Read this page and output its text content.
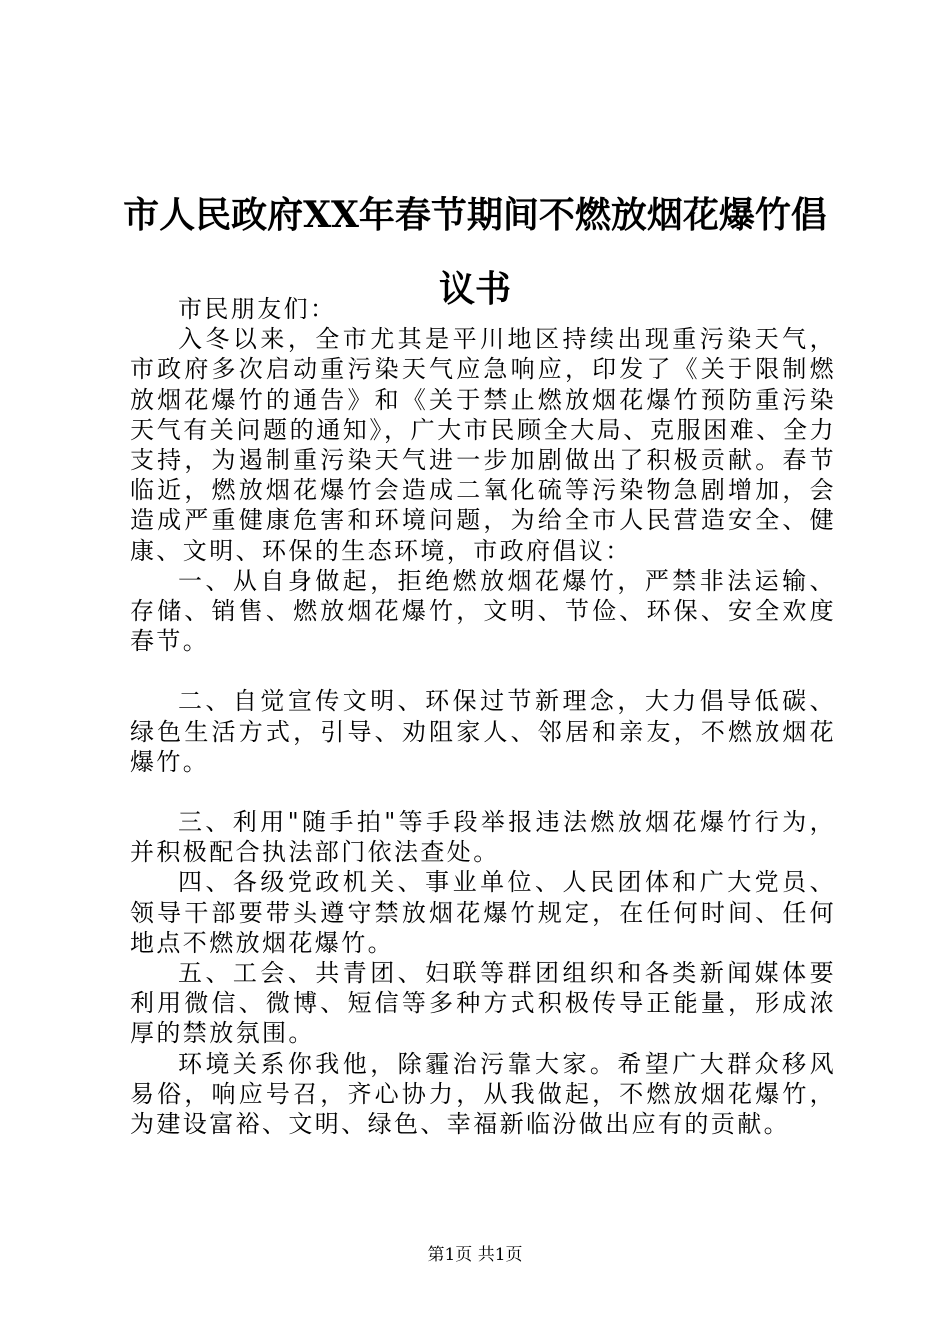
市人民政府XX年春节期间不燃放烟花爆竹倡议书

市民朋友们：

入冬以来，全市尤其是平川地区持续出现重污染天气，市政府多次启动重污染天气应急响应，印发了《关于限制燃放烟花爆竹的通告》和《关于禁止燃放烟花爆竹预防重污染天气有关问题的通知》，广大市民顾全大局、克服困难、全力支持，为遏制重污染天气进一步加剧做出了积极贡献。春节临近，燃放烟花爆竹会造成二氧化硫等污染物急剧增加，会造成严重健康危害和环境问题，为给全市人民营造安全、健康、文明、环保的生态环境，市政府倡议：

一、从自身做起，拒绝燃放烟花爆竹，严禁非法运输、存储、销售、燃放烟花爆竹，文明、节俭、环保、安全欢度春节。

二、自觉宣传文明、环保过节新理念，大力倡导低碳、绿色生活方式，引导、劝阻家人、邻居和亲友，不燃放烟花爆竹。

三、利用"随手拍"等手段举报违法燃放烟花爆竹行为，并积极配合执法部门依法查处。

四、各级党政机关、事业单位、人民团体和广大党员、领导干部要带头遵守禁放烟花爆竹规定，在任何时间、任何地点不燃放烟花爆竹。

五、工会、共青团、妇联等群团组织和各类新闻媒体要利用微信、微博、短信等多种方式积极传导正能量，形成浓厚的禁放氛围。

环境关系你我他，除霾治污靠大家。希望广大群众移风易俗，响应号召，齐心协力，从我做起，不燃放烟花爆竹，为建设富裕、文明、绿色、幸福新临汾做出应有的贡献。

第1页 共1页
